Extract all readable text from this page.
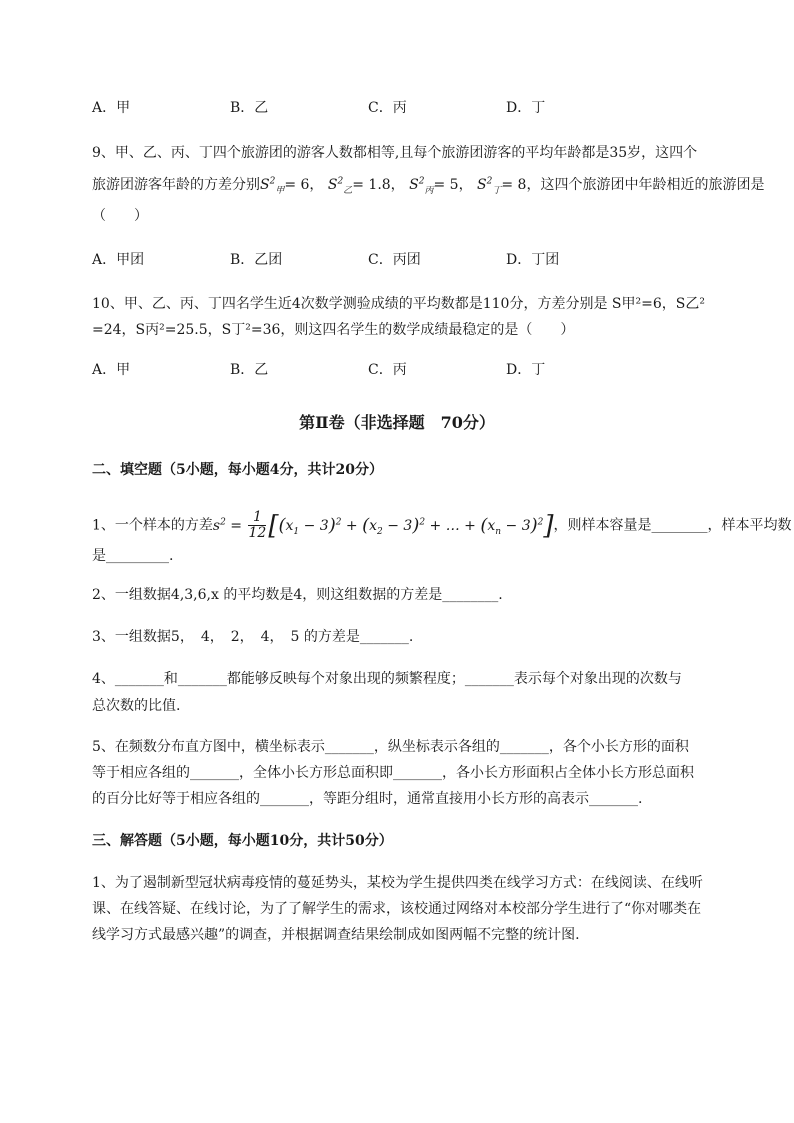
A．甲	B．乙	C．丙	D．丁
9、甲、乙、丙、丁四个旅游团的游客人数都相等,且每个旅游团游客的平均年龄都是35岁，这四个
旅游团游客年龄的方差分别$S^2_甲= 6$， $S^2_乙= 1.8$， $S^2_丙= 5$， $S^2_丁= 8$，这四个旅游团中年龄相近的旅游团是
（　　）
A．甲团	B．乙团	C．丙团	D．丁团
10、甲、乙、丙、丁四名学生近4次数学测验成绩的平均数都是110分，方差分别是 S甲²=6，S乙²
=24，S丙²=25.5，S丁²=36，则这四名学生的数学成绩最稳定的是（　　）
A．甲	B．乙	C．丙	D．丁
第Ⅱ卷（非选择题　70分）
二、填空题（5小题，每小题4分，共计20分）
1、一个样本的方差$s^2 = \frac{1}{12} [(x_1 - 3)^2 + (x_2 - 3)^2$ + … + $(x_n - 3)^2$]，则样本容量是________，样本平均数
是_________.
2、一组数据4,3,6,x 的平均数是4，则这组数据的方差是________.
3、一组数据5，　4，　2，　4，　5 的方差是_______.
4、_______和_______都能够反映每个对象出现的频繁程度；_______表示每个对象出现的次数与
总次数的比值.
5、在频数分布直方图中，横坐标表示_______，纵坐标表示各组的_______，各个小长方形的面积
等于相应各组的_______，全体小长方形总面积即_______，各小长方形面积占全体小长方形总面积
的百分比好等于相应各组的_______，等距分组时，通常直接用小长方形的高表示_______.
三、解答题（5小题，每小题10分，共计50分）
1、为了遏制新型冠状病毒疫情的蔓延势头，某校为学生提供四类在线学习方式：在线阅读、在线听
课、在线答疑、在线讨论，为了了解学生的需求，该校通过网络对本校部分学生进行了“你对哪类在
线学习方式最感兴趣”的调查，并根据调查结果绘制成如图两幅不完整的统计图.
